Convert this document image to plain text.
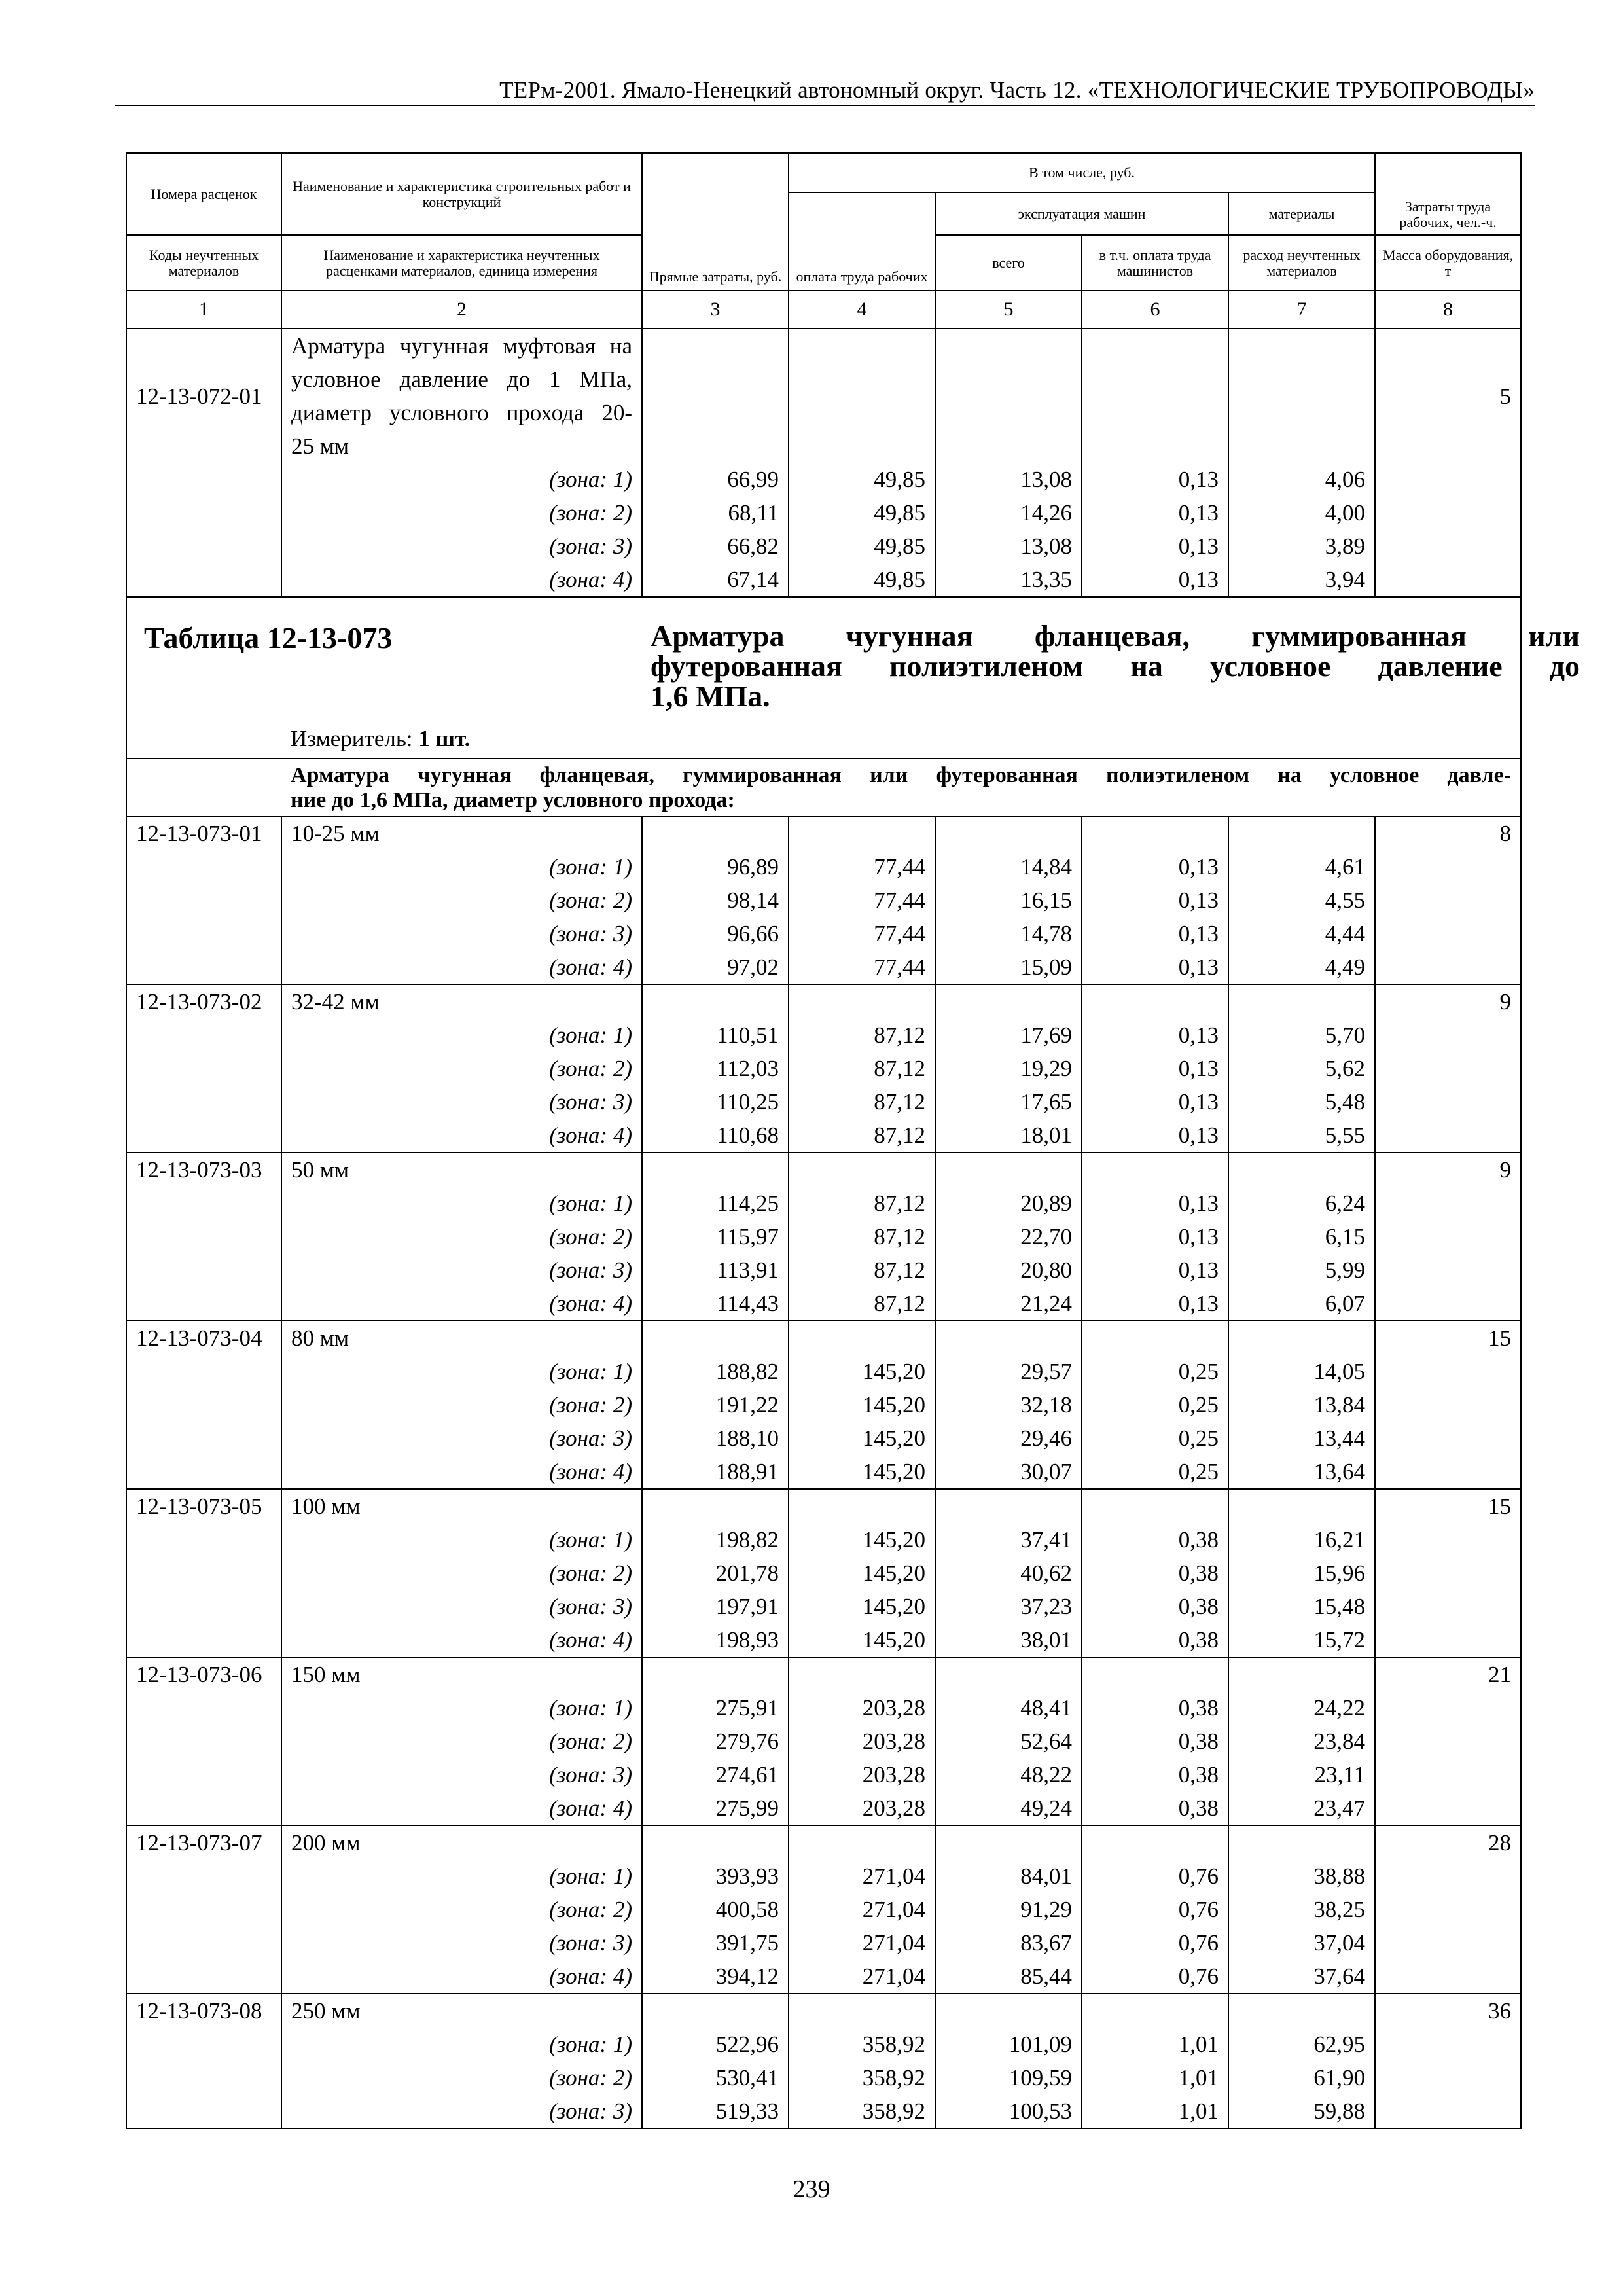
ТЕРм-2001. Ямало-Ненецкий автономный округ. Часть 12. «ТЕХНОЛОГИЧЕСКИЕ ТРУБОПРОВОДЫ»
Номера расценок	Наименование и характеристика строительных работ и конструкций	Прямые затраты, руб.	В том числе, руб.				Затраты труда рабочих, чел.-ч.
			оплата труда рабочих	эксплуатация машин		материалы	
Коды неучтенных материалов	Наименование и характеристика неучтенных расценками материалов, единица измерения			всего	в т.ч. оплата труда машинистов	расход неучтенных материалов	Масса оборудования, т
1	2	3	4	5	6	7	8
12-13-072-01	Арматура чугунная муфтовая на
условное давление до 1 МПа,
диаметр условного прохода 20-
25 мм						5
	(зона: 1)	66,99	49,85	13,08	0,13	4,06	
	(зона: 2)	68,11	49,85	14,26	0,13	4,00	
	(зона: 3)	66,82	49,85	13,08	0,13	3,89	
	(зона: 4)	67,14	49,85	13,35	0,13	3,94	

Таблица 12-13-073 Арматура чугунная фланцевая, гуммированная или
футерованная полиэтиленом на условное давление до
1,6 МПа.
Измеритель: 1 шт.							

Арматура чугунная фланцевая, гуммированная или футерованная полиэтиленом на условное давле-
ние до 1,6 МПа, диаметр условного прохода:							

12-13-073-01	10-25 мм						8
	(зона: 1)	96,89	77,44	14,84	0,13	4,61	
	(зона: 2)	98,14	77,44	16,15	0,13	4,55	
	(зона: 3)	96,66	77,44	14,78	0,13	4,44	
	(зона: 4)	97,02	77,44	15,09	0,13	4,49	
12-13-073-02	32-42 мм						9
	(зона: 1)	110,51	87,12	17,69	0,13	5,70	
	(зона: 2)	112,03	87,12	19,29	0,13	5,62	
	(зона: 3)	110,25	87,12	17,65	0,13	5,48	
	(зона: 4)	110,68	87,12	18,01	0,13	5,55	
12-13-073-03	50 мм						9
	(зона: 1)	114,25	87,12	20,89	0,13	6,24	
	(зона: 2)	115,97	87,12	22,70	0,13	6,15	
	(зона: 3)	113,91	87,12	20,80	0,13	5,99	
	(зона: 4)	114,43	87,12	21,24	0,13	6,07	
12-13-073-04	80 мм						15
	(зона: 1)	188,82	145,20	29,57	0,25	14,05	
	(зона: 2)	191,22	145,20	32,18	0,25	13,84	
	(зона: 3)	188,10	145,20	29,46	0,25	13,44	
	(зона: 4)	188,91	145,20	30,07	0,25	13,64	
12-13-073-05	100 мм						15
	(зона: 1)	198,82	145,20	37,41	0,38	16,21	
	(зона: 2)	201,78	145,20	40,62	0,38	15,96	
	(зона: 3)	197,91	145,20	37,23	0,38	15,48	
	(зона: 4)	198,93	145,20	38,01	0,38	15,72	
12-13-073-06	150 мм						21
	(зона: 1)	275,91	203,28	48,41	0,38	24,22	
	(зона: 2)	279,76	203,28	52,64	0,38	23,84	
	(зона: 3)	274,61	203,28	48,22	0,38	23,11	
	(зона: 4)	275,99	203,28	49,24	0,38	23,47	
12-13-073-07	200 мм						28
	(зона: 1)	393,93	271,04	84,01	0,76	38,88	
	(зона: 2)	400,58	271,04	91,29	0,76	38,25	
	(зона: 3)	391,75	271,04	83,67	0,76	37,04	
	(зона: 4)	394,12	271,04	85,44	0,76	37,64	
12-13-073-08	250 мм						36
	(зона: 1)	522,96	358,92	101,09	1,01	62,95	
	(зона: 2)	530,41	358,92	109,59	1,01	61,90	
	(зона: 3)	519,33	358,92	100,53	1,01	59,88	
239
